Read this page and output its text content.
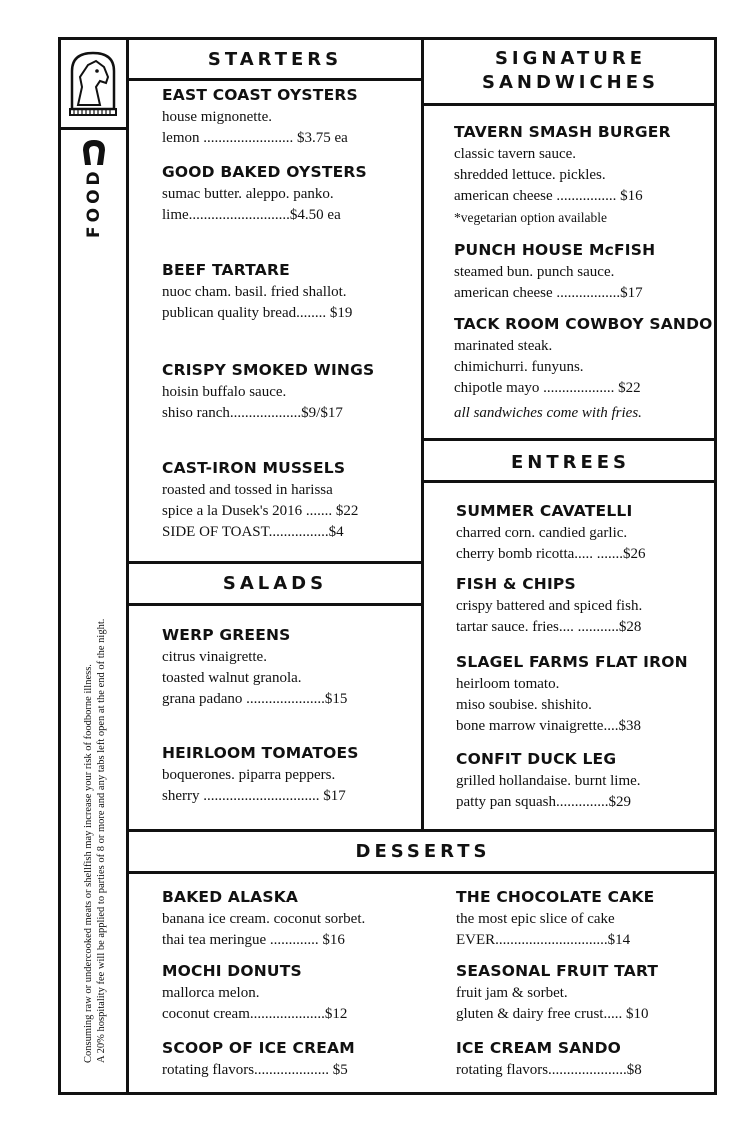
FOOD
Consuming raw or undercooked meats or shellfish may increase your risk of foodborne illness. A 20% hospitality fee will be applied to parties of 8 or more and any tabs left open at the end of the night.
STARTERS
SALADS
SIGNATURE
SANDWICHES
ENTREES
DESSERTS
EAST COAST OYSTERS
house mignonette.
lemon ........................ $3.75 ea
GOOD BAKED OYSTERS
sumac butter. aleppo. panko.
lime...........................$4.50 ea
BEEF TARTARE
nuoc cham. basil. fried shallot.
publican quality bread........ $19
CRISPY SMOKED WINGS
hoisin buffalo sauce.
shiso ranch...................$9/$17
CAST-IRON MUSSELS
roasted and tossed in harissa
spice a la Dusek's 2016 ....... $22
SIDE OF TOAST................$4
WERP GREENS
citrus vinaigrette.
toasted walnut granola.
grana padano .....................$15
HEIRLOOM TOMATOES
boquerones. piparra peppers.
sherry ............................... $17
TAVERN SMASH BURGER
classic tavern sauce.
shredded lettuce. pickles.
american cheese ................ $16
*vegetarian option available
PUNCH HOUSE McFISH
steamed bun. punch sauce.
american cheese .................$17
TACK ROOM COWBOY SANDO
marinated steak.
chimichurri. funyuns.
chipotle mayo ................... $22
all sandwiches come with fries.
SUMMER CAVATELLI
charred corn. candied garlic.
cherry bomb ricotta..... .......$26
FISH & CHIPS
crispy battered and spiced fish.
tartar sauce. fries.... ...........$28
SLAGEL FARMS FLAT IRON
heirloom tomato.
miso soubise. shishito.
bone marrow vinaigrette....$38
CONFIT DUCK LEG
grilled hollandaise. burnt lime.
patty pan squash..............$29
BAKED ALASKA
banana ice cream. coconut sorbet.
thai tea meringue ............. $16
MOCHI DONUTS
mallorca melon.
coconut cream....................$12
SCOOP OF ICE CREAM
rotating flavors.................... $5
THE CHOCOLATE CAKE
the most epic slice of cake
EVER..............................$14
SEASONAL FRUIT TART
fruit jam & sorbet.
gluten & dairy free crust..... $10
ICE CREAM SANDO
rotating flavors.....................$8
